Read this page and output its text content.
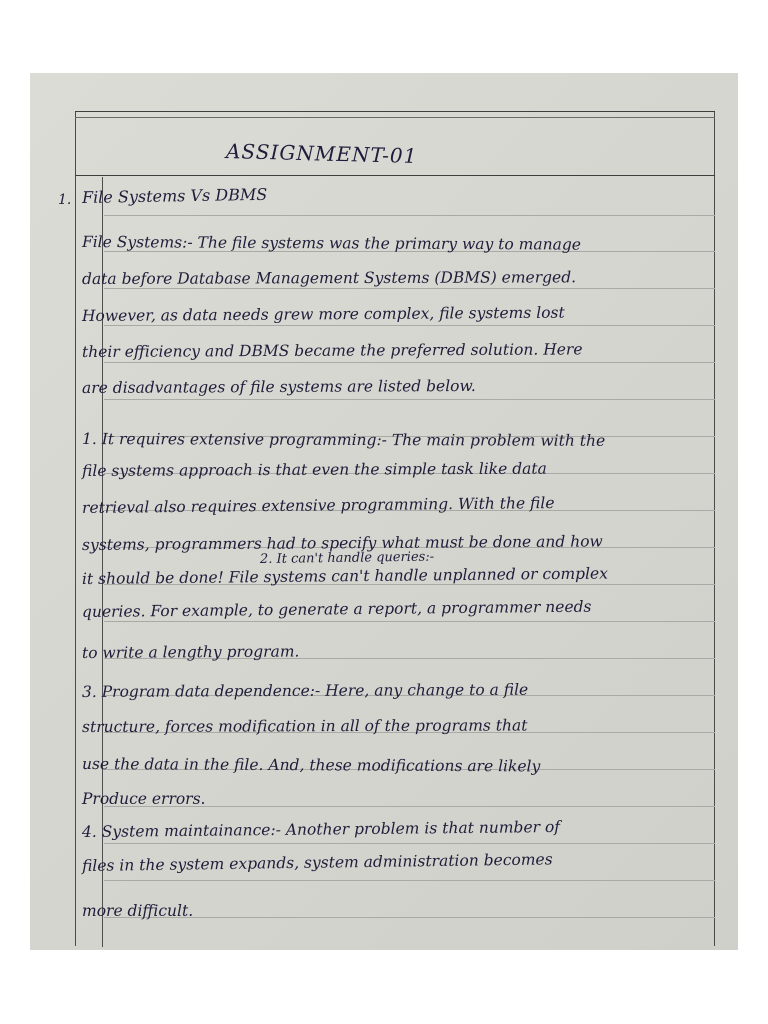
ASSIGNMENT-01
1. File Systems Vs DBMS
File Systems:- The file systems was the primary way to manage
data before Database Management Systems (DBMS) emerged.
However, as data needs grew more complex, file systems lost
their efficiency and DBMS became the preferred solution. Here
are disadvantages of file systems are listed below.
1. It requires extensive programming:- The main problem with the
file systems approach is that even the simple task like data
retrieval also requires extensive programming. With the file
systems, programmers had to specify what must be done and how
2. It can't handle queries:-
it should be done! File systems can't handle unplanned or complex
queries. For example, to generate a report, a programmer needs
to write a lengthy program.
3. Program data dependence:- Here, any change to a file
structure, forces modification in all of the programs that
use the data in the file. And, these modifications are likely
Produce errors.
4. System maintainance:- Another problem is that number of
files in the system expands, system administration becomes
more difficult.
